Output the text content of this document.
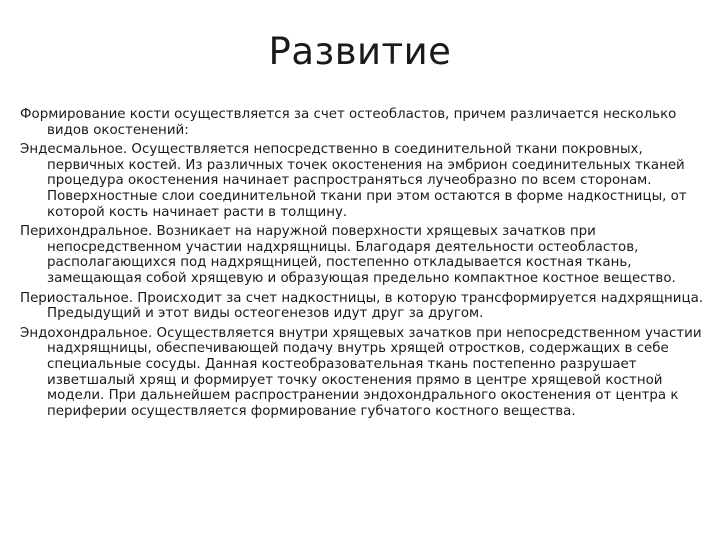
Развитие

Формирование кости осуществляется за счет остеобластов, причем различается несколько видов окостенений:

Эндесмальное. Осуществляется непосредственно в соединительной ткани покровных, первичных костей. Из различных точек окостенения на эмбрион соединительных тканей процедура окостенения начинает распространяться лучеобразно по всем сторонам. Поверхностные слои соединительной ткани при этом остаются в форме надкостницы, от которой кость начинает расти в толщину.

Перихондральное. Возникает на наружной поверхности хрящевых зачатков при непосредственном участии надхрящницы. Благодаря деятельности остеобластов, располагающихся под надхрящницей, постепенно откладывается костная ткань, замещающая собой хрящевую и образующая предельно компактное костное вещество.

Периостальное. Происходит за счет надкостницы, в которую трансформируется надхрящница. Предыдущий и этот виды остеогенезов идут друг за другом.

Эндохондральное. Осуществляется внутри хрящевых зачатков при непосредственном участии надхрящницы, обеспечивающей подачу внутрь хрящей отростков, содержащих в себе специальные сосуды. Данная костеобразовательная ткань постепенно разрушает изветшалый хрящ и формирует точку окостенения прямо в центре хрящевой костной модели. При дальнейшем распространении эндохондрального окостенения от центра к периферии осуществляется формирование губчатого костного вещества.
